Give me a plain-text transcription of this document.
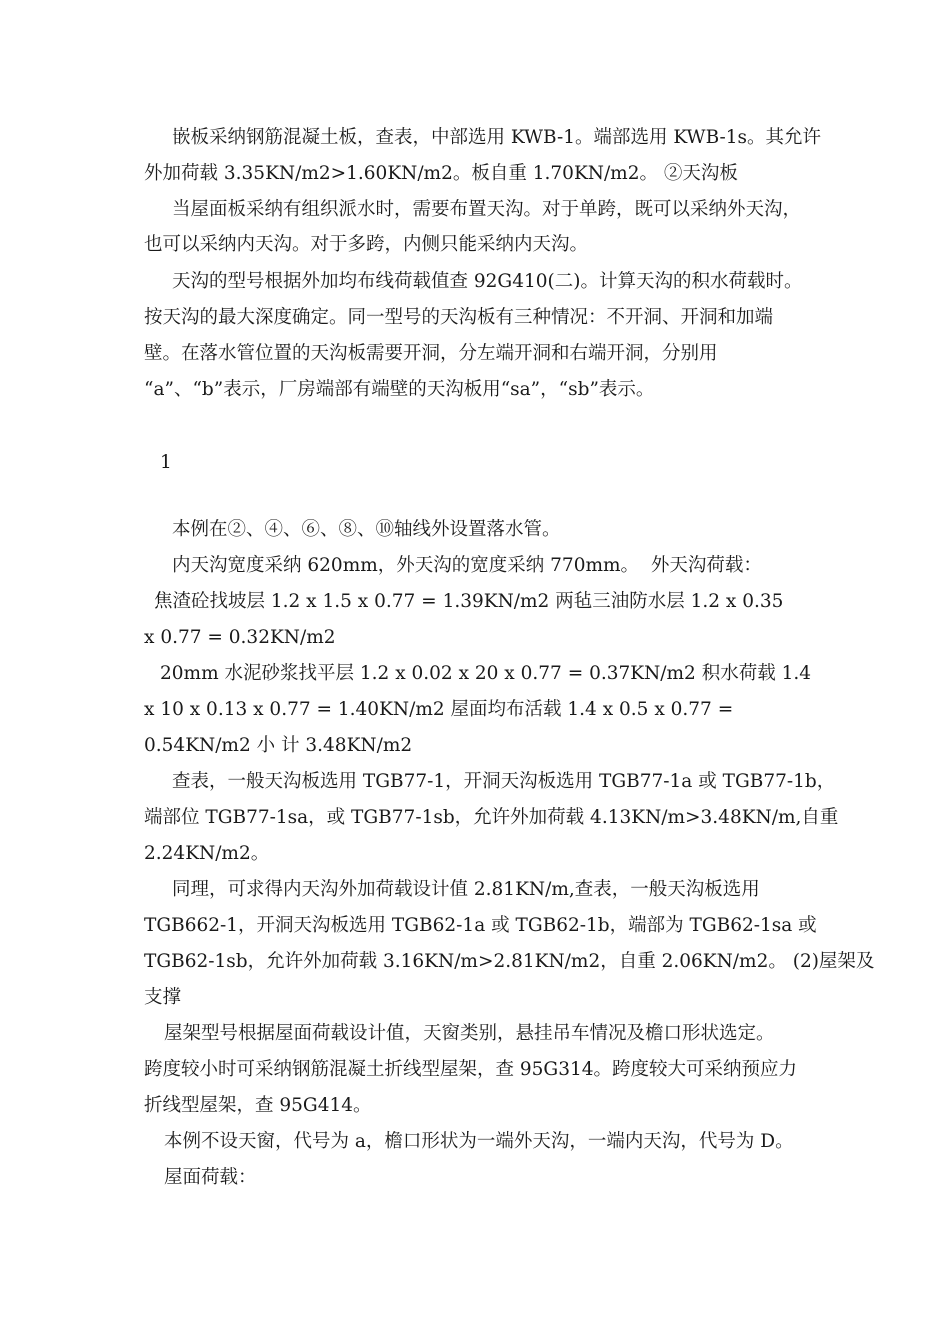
嵌板采纳钢筋混凝土板，查表，中部选用 KWB-1。端部选用 KWB-1s。其允许
外加荷载 3.35KN/m2>1.60KN/m2。板自重 1.70KN/m2。 ②天沟板
当屋面板采纳有组织派水时，需要布置天沟。对于单跨，既可以采纳外天沟，
也可以采纳内天沟。对于多跨，内侧只能采纳内天沟。
天沟的型号根据外加均布线荷载值查 92G410(二)。计算天沟的积水荷载时。
按天沟的最大深度确定。同一型号的天沟板有三种情况：不开洞、开洞和加端
壁。在落水管位置的天沟板需要开洞，分左端开洞和右端开洞，分别用
“a”、“b”表示，厂房端部有端壁的天沟板用“sa”，“sb”表示。
1
本例在②、④、⑥、⑧、⑩轴线外设置落水管。
内天沟宽度采纳 620mm，外天沟的宽度采纳 770mm。  外天沟荷载：
焦渣砼找坡层 1.2 x 1.5 x 0.77 = 1.39KN/m2 两毡三油防水层 1.2 x 0.35
x 0.77 = 0.32KN/m2
20mm 水泥砂浆找平层 1.2 x 0.02 x 20 x 0.77 = 0.37KN/m2 积水荷载 1.4
x 10 x 0.13 x 0.77 = 1.40KN/m2 屋面均布活载 1.4 x 0.5 x 0.77 =
0.54KN/m2 小 计 3.48KN/m2
查表，一般天沟板选用 TGB77-1，开洞天沟板选用 TGB77-1a 或 TGB77-1b，
端部位 TGB77-1sa，或 TGB77-1sb，允许外加荷载 4.13KN/m>3.48KN/m,自重
2.24KN/m2。
同理，可求得内天沟外加荷载设计值 2.81KN/m,查表，一般天沟板选用
TGB662-1，开洞天沟板选用 TGB62-1a 或 TGB62-1b，端部为 TGB62-1sa 或
TGB62-1sb，允许外加荷载 3.16KN/m>2.81KN/m2，自重 2.06KN/m2。 (2)屋架及
支撑
屋架型号根据屋面荷载设计值，天窗类别，悬挂吊车情况及檐口形状选定。
跨度较小时可采纳钢筋混凝土折线型屋架，查 95G314。跨度较大可采纳预应力
折线型屋架，查 95G414。
本例不设天窗，代号为 a，檐口形状为一端外天沟，一端内天沟，代号为 D。
屋面荷载：
